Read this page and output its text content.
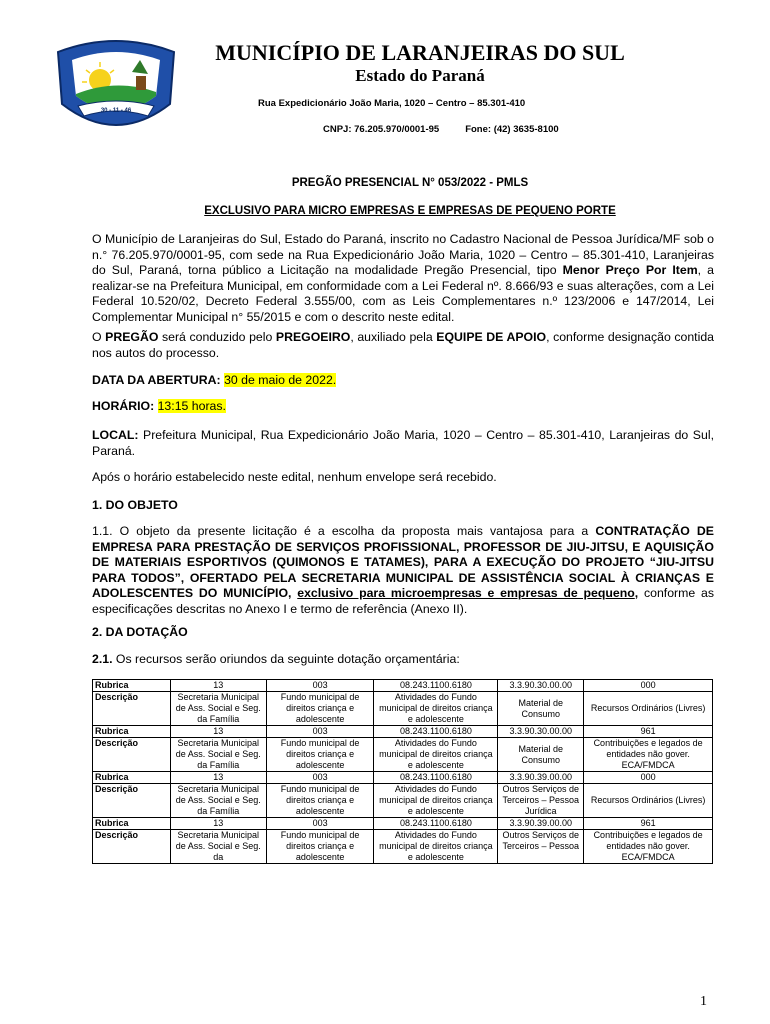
30 - 11 - 46
MUNICÍPIO DE LARANJEIRAS DO SUL
Estado do Paraná
Rua Expedicionário João Maria, 1020 – Centro – 85.301-410
CNPJ: 76.205.970/0001-95	Fone: (42) 3635-8100
PREGÃO PRESENCIAL N° 053/2022 - PMLS
EXCLUSIVO PARA MICRO EMPRESAS E EMPRESAS DE PEQUENO PORTE
O Município de Laranjeiras do Sul, Estado do Paraná, inscrito no Cadastro Nacional de Pessoa Jurídica/MF sob o n.° 76.205.970/0001-95, com sede na Rua Expedicionário João Maria, 1020 – Centro – 85.301-410, Laranjeiras do Sul, Paraná, torna público a Licitação na modalidade Pregão Presencial, tipo Menor Preço Por Item, a realizar-se na Prefeitura Municipal, em conformidade com a Lei Federal nº. 8.666/93 e suas alterações, com a Lei Federal 10.520/02, Decreto Federal 3.555/00, com as Leis Complementares n.º 123/2006 e 147/2014, Lei Complementar Municipal n° 55/2015 e com o descrito neste edital.
O PREGÃO será conduzido pelo PREGOEIRO, auxiliado pela EQUIPE DE APOIO, conforme designação contida nos autos do processo.
DATA DA ABERTURA: 30 de maio de 2022.
HORÁRIO: 13:15 horas.
LOCAL: Prefeitura Municipal, Rua Expedicionário João Maria, 1020 – Centro – 85.301-410, Laranjeiras do Sul, Paraná.
Após o horário estabelecido neste edital, nenhum envelope será recebido.
1. DO OBJETO
1.1. O objeto da presente licitação é a escolha da proposta mais vantajosa para a CONTRATAÇÃO DE EMPRESA PARA PRESTAÇÃO DE SERVIÇOS PROFISSIONAL, PROFESSOR DE JIU-JITSU, E AQUISIÇÃO DE MATERIAIS ESPORTIVOS (QUIMONOS E TATAMES), PARA A EXECUÇÃO DO PROJETO “JIU-JITSU PARA TODOS”, OFERTADO PELA SECRETARIA MUNICIPAL DE ASSISTÊNCIA SOCIAL À CRIANÇAS E ADOLESCENTES DO MUNICÍPIO, exclusivo para microempresas e empresas de pequeno, conforme as especificações descritas no Anexo I e termo de referência (Anexo II).
2. DA DOTAÇÃO
2.1. Os recursos serão oriundos da seguinte dotação orçamentária:
Rubrica	13	003	08.243.1100.6180	3.3.90.30.00.00	000
Descrição	Secretaria Municipal de Ass. Social e Seg. da Família	Fundo municipal de direitos criança e adolescente	Atividades do Fundo municipal de direitos criança e adolescente	Material de Consumo	Recursos Ordinários (Livres)
Rubrica	13	003	08.243.1100.6180	3.3.90.30.00.00	961
Descrição	Secretaria Municipal de Ass. Social e Seg. da Família	Fundo municipal de direitos criança e adolescente	Atividades do Fundo municipal de direitos criança e adolescente	Material de Consumo	Contribuições e legados de entidades não gover. ECA/FMDCA
Rubrica	13	003	08.243.1100.6180	3.3.90.39.00.00	000
Descrição	Secretaria Municipal de Ass. Social e Seg. da Família	Fundo municipal de direitos criança e adolescente	Atividades do Fundo municipal de direitos criança e adolescente	Outros Serviços de Terceiros – Pessoa Jurídica	Recursos Ordinários (Livres)
Rubrica	13	003	08.243.1100.6180	3.3.90.39.00.00	961
Descrição	Secretaria Municipal de Ass. Social e Seg. da	Fundo municipal de direitos criança e adolescente	Atividades do Fundo municipal de direitos criança e adolescente	Outros Serviços de Terceiros – Pessoa	Contribuições e legados de entidades não gover. ECA/FMDCA
1
